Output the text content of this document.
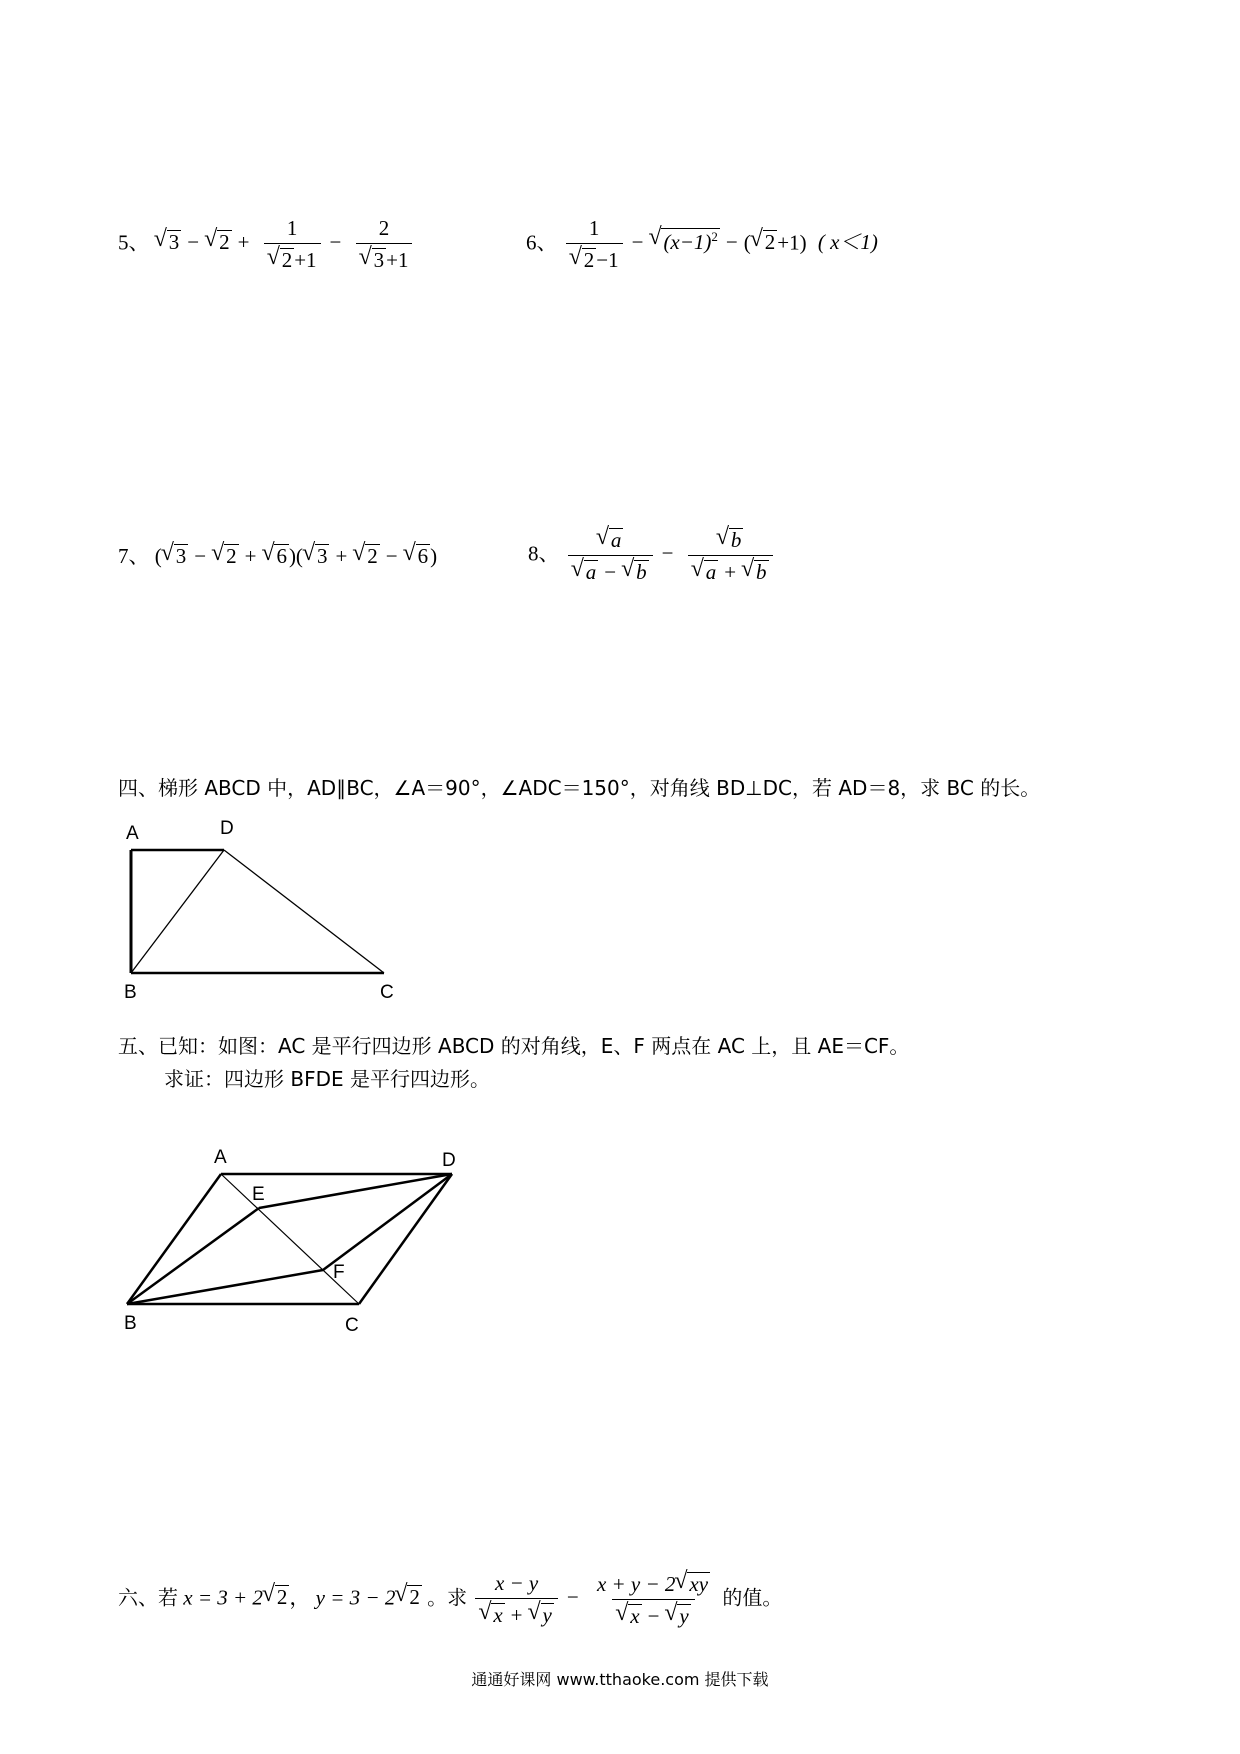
5、 √ 3 − √ 2 + 1
√ 2+1 − 2
√ 3+1	6、 1
√ 2−1 − √ $(x-1)^2$ − ( √ 2+1) ( x＜1)
7、 ( √ 3 − √ 2 + √ 6)( √ 3 + √ 2 − √ 6)	8、 √ a
√ a − √ b − √ b
√ a + √ b
四、梯形 ABCD 中，AD∥BC，∠A＝90°，∠ADC＝150°，对角线 BD⊥DC，若 AD＝8，求 BC 的长。
A	D
B	C
五、已知：如图：AC 是平行四边形 ABCD 的对角线，E、F 两点在 AC 上，且 AE＝CF。
求证：四边形 BFDE 是平行四边形。
A	D
E
F
B	C
六、若 x = 3 + 2 √ 2， y = 3 − 2 √ 2 。求 x − y
√ x + √ y − x + y − 2 √ xy
√ x − √ y 的值。
通通好课网 www.tthaoke.com 提供下载
